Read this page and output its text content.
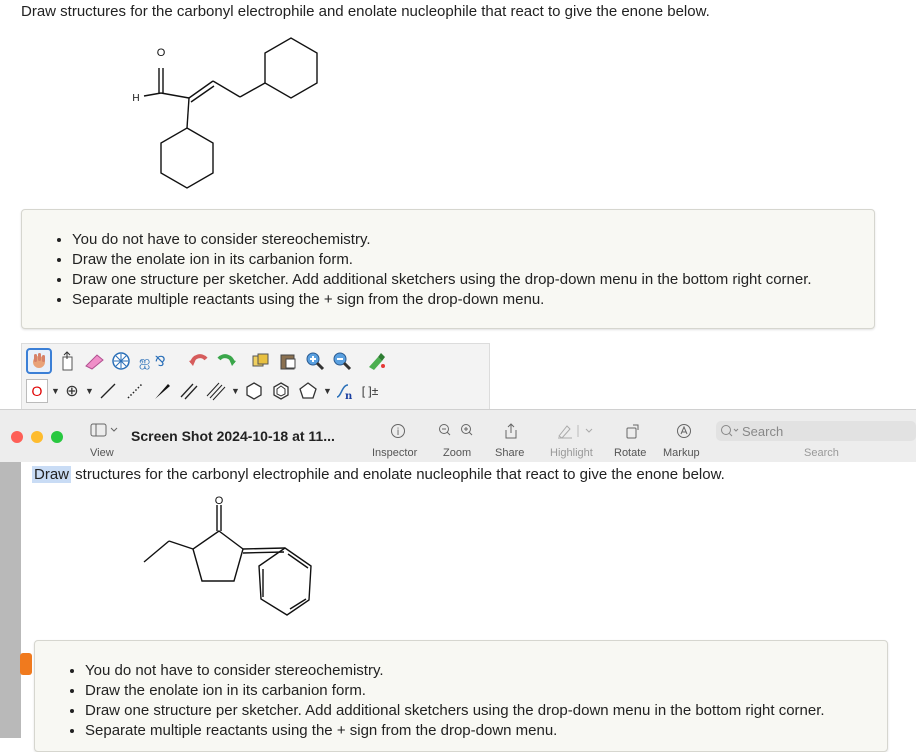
Draw structures for the carbonyl electrophile and enolate nucleophile that react to give the enone below.
O
H
• You do not have to consider stereochemistry.
• Draw the enolate ion in its carbanion form.
• Draw one structure per sketcher. Add additional sketchers using the drop-down menu in the bottom right corner.
• Separate multiple reactants using the + sign from the drop-down menu.
ஐ ⅋
O ▼ ⊕ ▼	▼	▼ n [ ]±
View
Screen Shot 2024-10-18 at 11...	i
Inspector Zoom Share Highlight Rotate Markup
Search
Search
Draw structures for the carbonyl electrophile and enolate nucleophile that react to give the enone below.
O
• You do not have to consider stereochemistry.
• Draw the enolate ion in its carbanion form.
• Draw one structure per sketcher. Add additional sketchers using the drop-down menu in the bottom right corner.
• Separate multiple reactants using the + sign from the drop-down menu.
